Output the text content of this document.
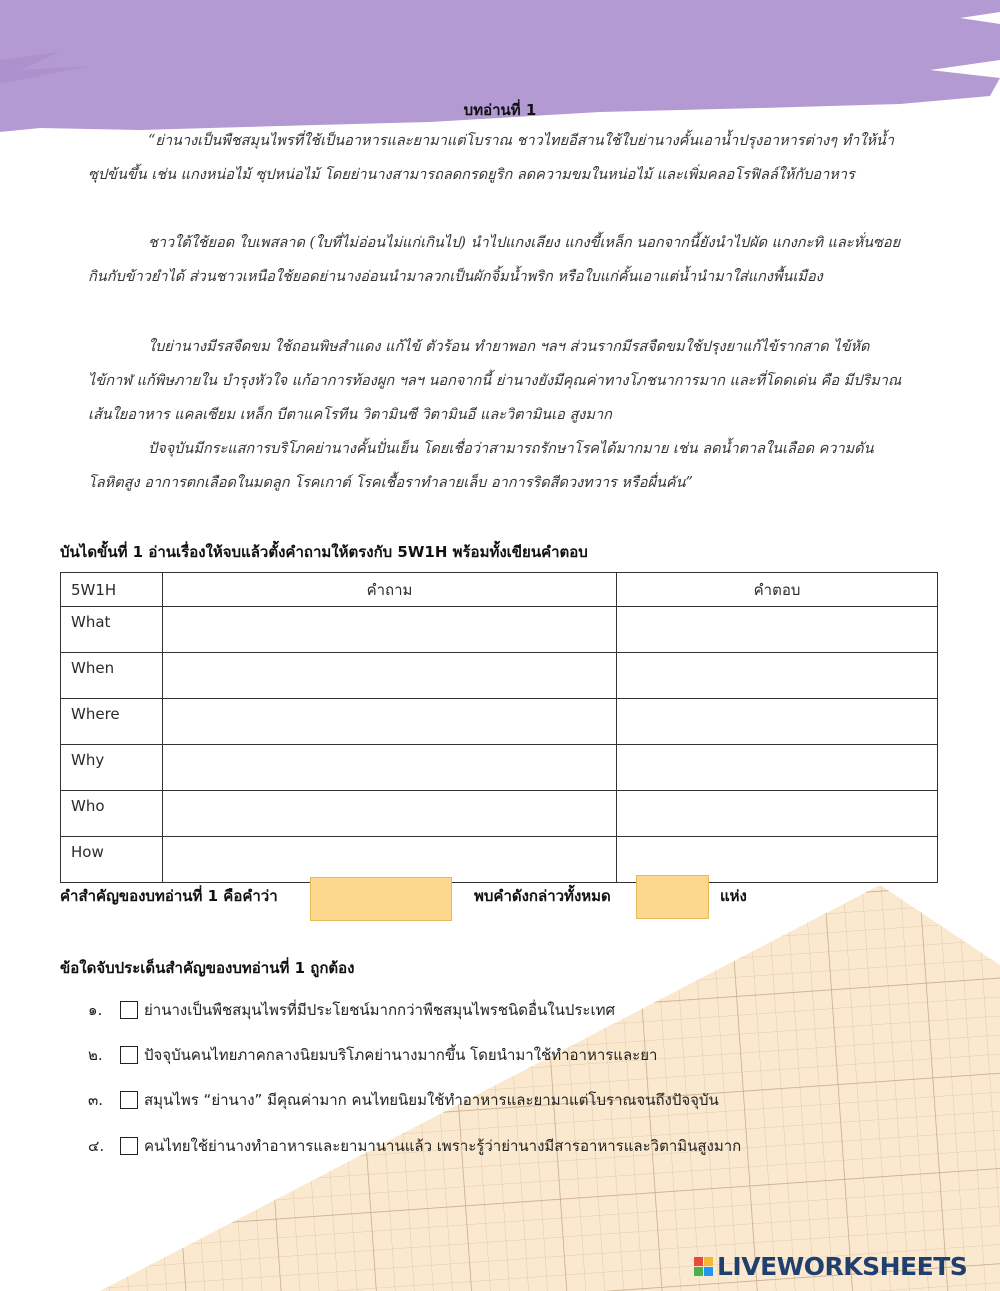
บทอ่านที่ 1
“ย่านางเป็นพืชสมุนไพรที่ใช้เป็นอาหารและยามาแต่โบราณ ชาวไทยอีสานใช้ใบย่านางคั้นเอาน้ำปรุงอาหารต่างๆ ทำให้น้ำซุปข้นขึ้น เช่น แกงหน่อไม้ ซุปหน่อไม้ โดยย่านางสามารถลดกรดยูริก ลดความขมในหน่อไม้ และเพิ่มคลอโรฟิลล์ให้กับอาหาร
ชาวใต้ใช้ยอด ใบเพสลาด (ใบที่ไม่อ่อนไม่แก่เกินไป) นำไปแกงเลียง แกงขี้เหล็ก นอกจากนี้ยังนำไปผัด แกงกะทิ และหั่นซอยกินกับข้าวยำได้ ส่วนชาวเหนือใช้ยอดย่านางอ่อนนำมาลวกเป็นผักจิ้มน้ำพริก หรือใบแก่คั้นเอาแต่น้ำนำมาใส่แกงพื้นเมือง
ใบย่านางมีรสจืดขม ใช้ถอนพิษสำแดง แก้ไข้ ตัวร้อน ทำยาพอก ฯลฯ ส่วนรากมีรสจืดขมใช้ปรุงยาแก้ไข้รากสาด ไข้หัด ไข้กาฬ แก้พิษภายใน บำรุงหัวใจ แก้อาการท้องผูก ฯลฯ นอกจากนี้ ย่านางยังมีคุณค่าทางโภชนาการมาก และที่โดดเด่น คือ มีปริมาณเส้นใยอาหาร แคลเซียม เหล็ก บีตาแคโรทีน วิตามินซี วิตามินอี และวิตามินเอ สูงมาก
ปัจจุบันมีกระแสการบริโภคย่านางคั้นปั่นเย็น โดยเชื่อว่าสามารถรักษาโรคได้มากมาย เช่น ลดน้ำตาลในเลือด ความดันโลหิตสูง อาการตกเลือดในมดลูก โรคเกาต์ โรคเชื้อราทำลายเล็บ อาการริดสีดวงทวาร หรือผื่นคัน”
บันไดขั้นที่ 1 อ่านเรื่องให้จบแล้วตั้งคำถามให้ตรงกับ 5W1H พร้อมทั้งเขียนคำตอบ
5W1H	คำถาม	คำตอบ
What		
When		
Where		
Why		
Who		
How		
คำสำคัญของบทอ่านที่ 1 คือคำว่า	พบคำดังกล่าวทั้งหมด	แห่ง
ข้อใดจับประเด็นสำคัญของบทอ่านที่ 1 ถูกต้อง
๑.	ย่านางเป็นพืชสมุนไพรที่มีประโยชน์มากกว่าพืชสมุนไพรชนิดอื่นในประเทศ
๒.	ปัจจุบันคนไทยภาคกลางนิยมบริโภคย่านางมากขึ้น โดยนำมาใช้ทำอาหารและยา
๓.	สมุนไพร “ย่านาง” มีคุณค่ามาก คนไทยนิยมใช้ทำอาหารและยามาแต่โบราณจนถึงปัจจุบัน
๔.	คนไทยใช้ย่านางทำอาหารและยามานานแล้ว เพราะรู้ว่าย่านางมีสารอาหารและวิตามินสูงมาก
LIVEWORKSHEETS
